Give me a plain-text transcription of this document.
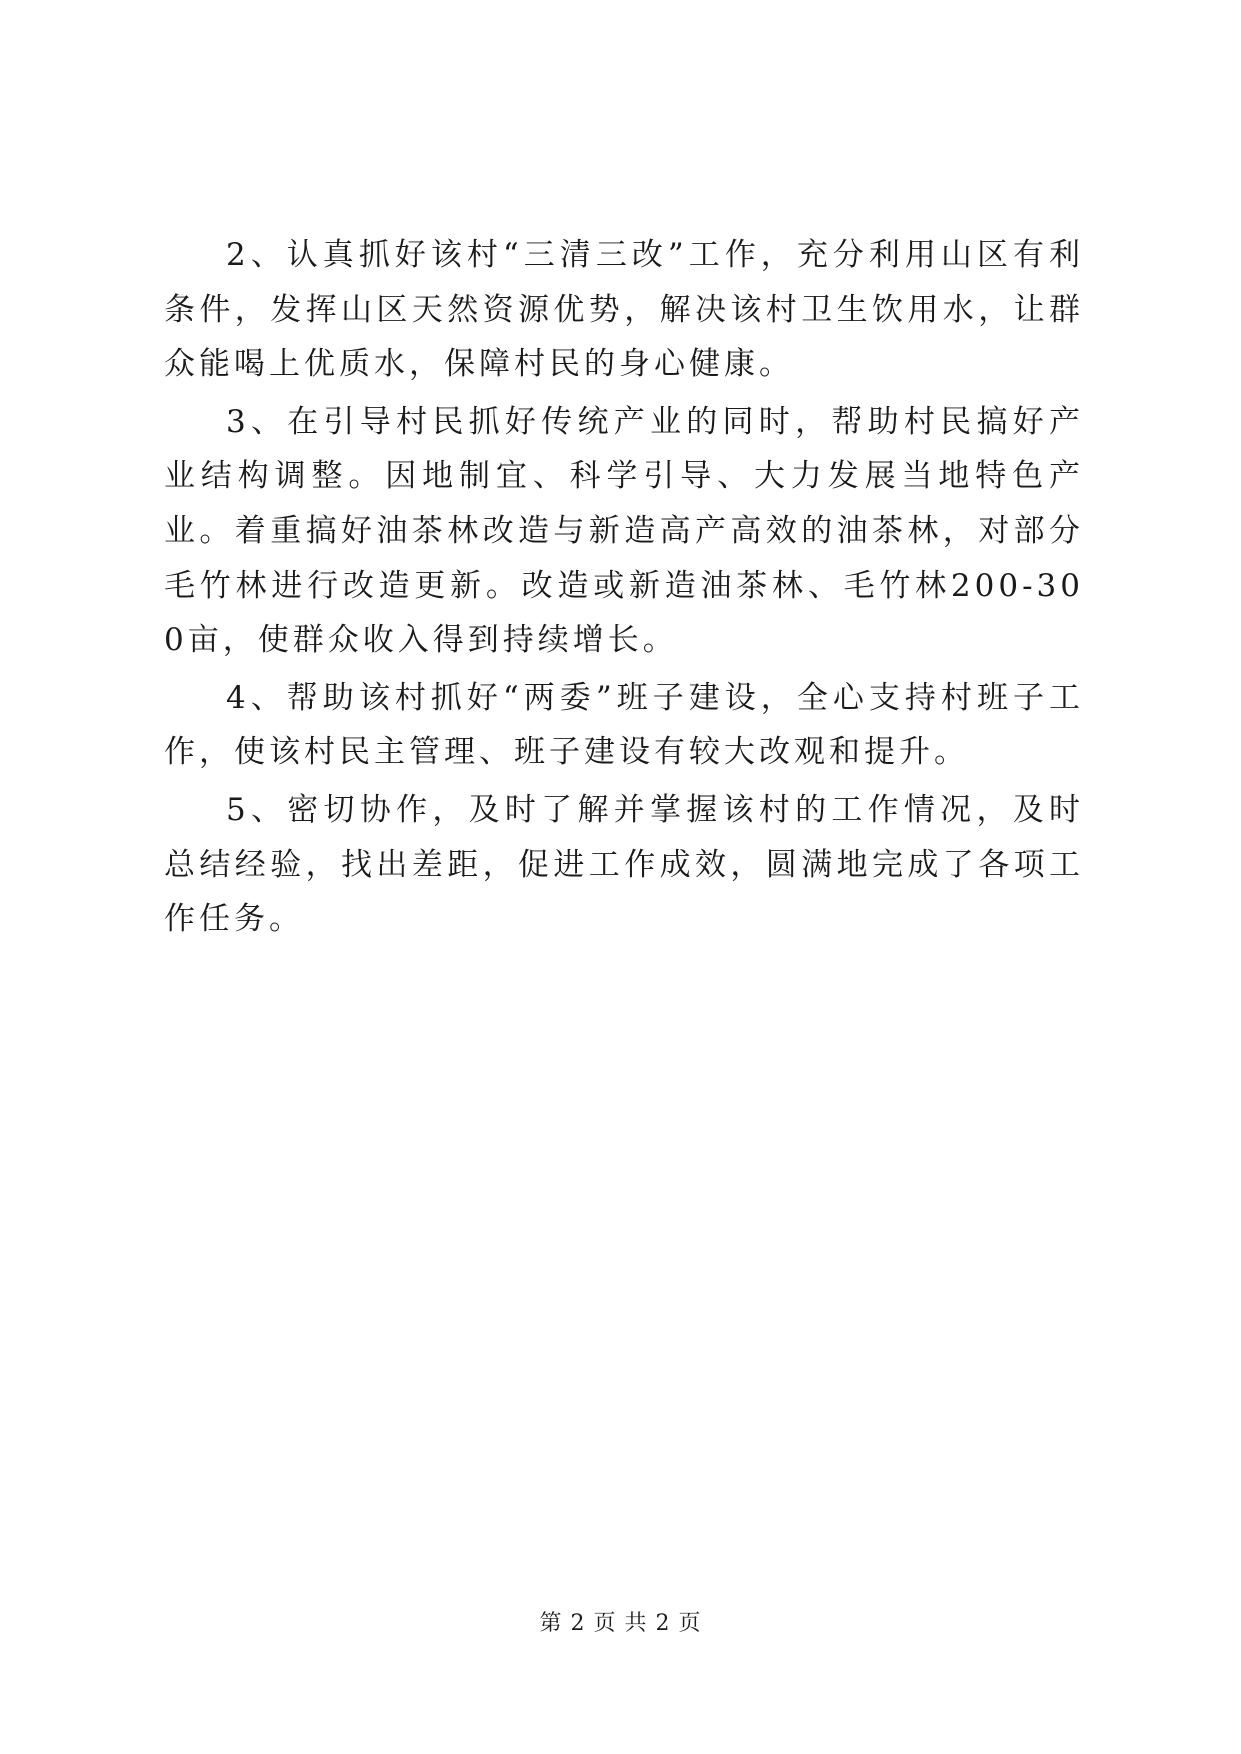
2、认真抓好该村“三清三改”工作，充分利用山区有利条件，发挥山区天然资源优势，解决该村卫生饮用水，让群众能喝上优质水，保障村民的身心健康。

3、在引导村民抓好传统产业的同时，帮助村民搞好产业结构调整。因地制宜、科学引导、大力发展当地特色产业。着重搞好油茶林改造与新造高产高效的油茶林，对部分毛竹林进行改造更新。改造或新造油茶林、毛竹林200-300亩，使群众收入得到持续增长。

4、帮助该村抓好“两委”班子建设，全心支持村班子工作，使该村民主管理、班子建设有较大改观和提升。

5、密切协作，及时了解并掌握该村的工作情况，及时总结经验，找出差距，促进工作成效，圆满地完成了各项工作任务。

第 2 页 共 2 页
